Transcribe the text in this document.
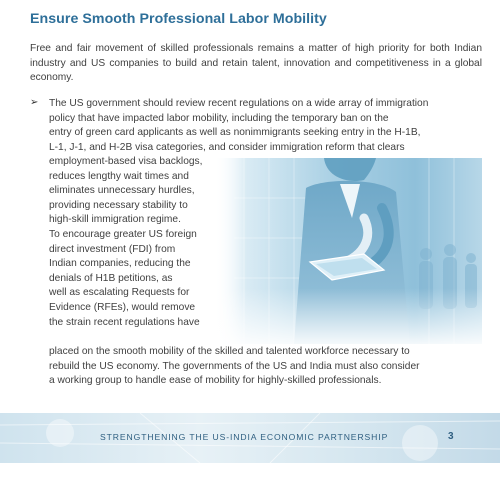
Ensure Smooth Professional Labor Mobility

Free and fair movement of skilled professionals remains a matter of high priority for both Indian industry and US companies to build and retain talent, innovation and competitiveness in a global economy.

➢ The US government should review recent regulations on a wide array of immigration
policy that have impacted labor mobility, including the temporary ban on the
entry of green card applicants as well as nonimmigrants seeking entry in the H-1B,
L-1, J-1, and H-2B visa categories, and consider immigration reform that clears
employment-based visa backlogs,
reduces lengthy wait times and
eliminates unnecessary hurdles,
providing necessary stability to
high-skill immigration regime.
To encourage greater US foreign
direct investment (FDI) from
Indian companies, reducing the
denials of H1B petitions, as
well as escalating Requests for
Evidence (RFEs), would remove
the strain recent regulations have
placed on the smooth mobility of the skilled and talented workforce necessary to
rebuild the US economy. The governments of the US and India must also consider
a working group to handle ease of mobility for highly-skilled professionals.
STRENGTHENING THE US-INDIA ECONOMIC PARTNERSHIP	3
